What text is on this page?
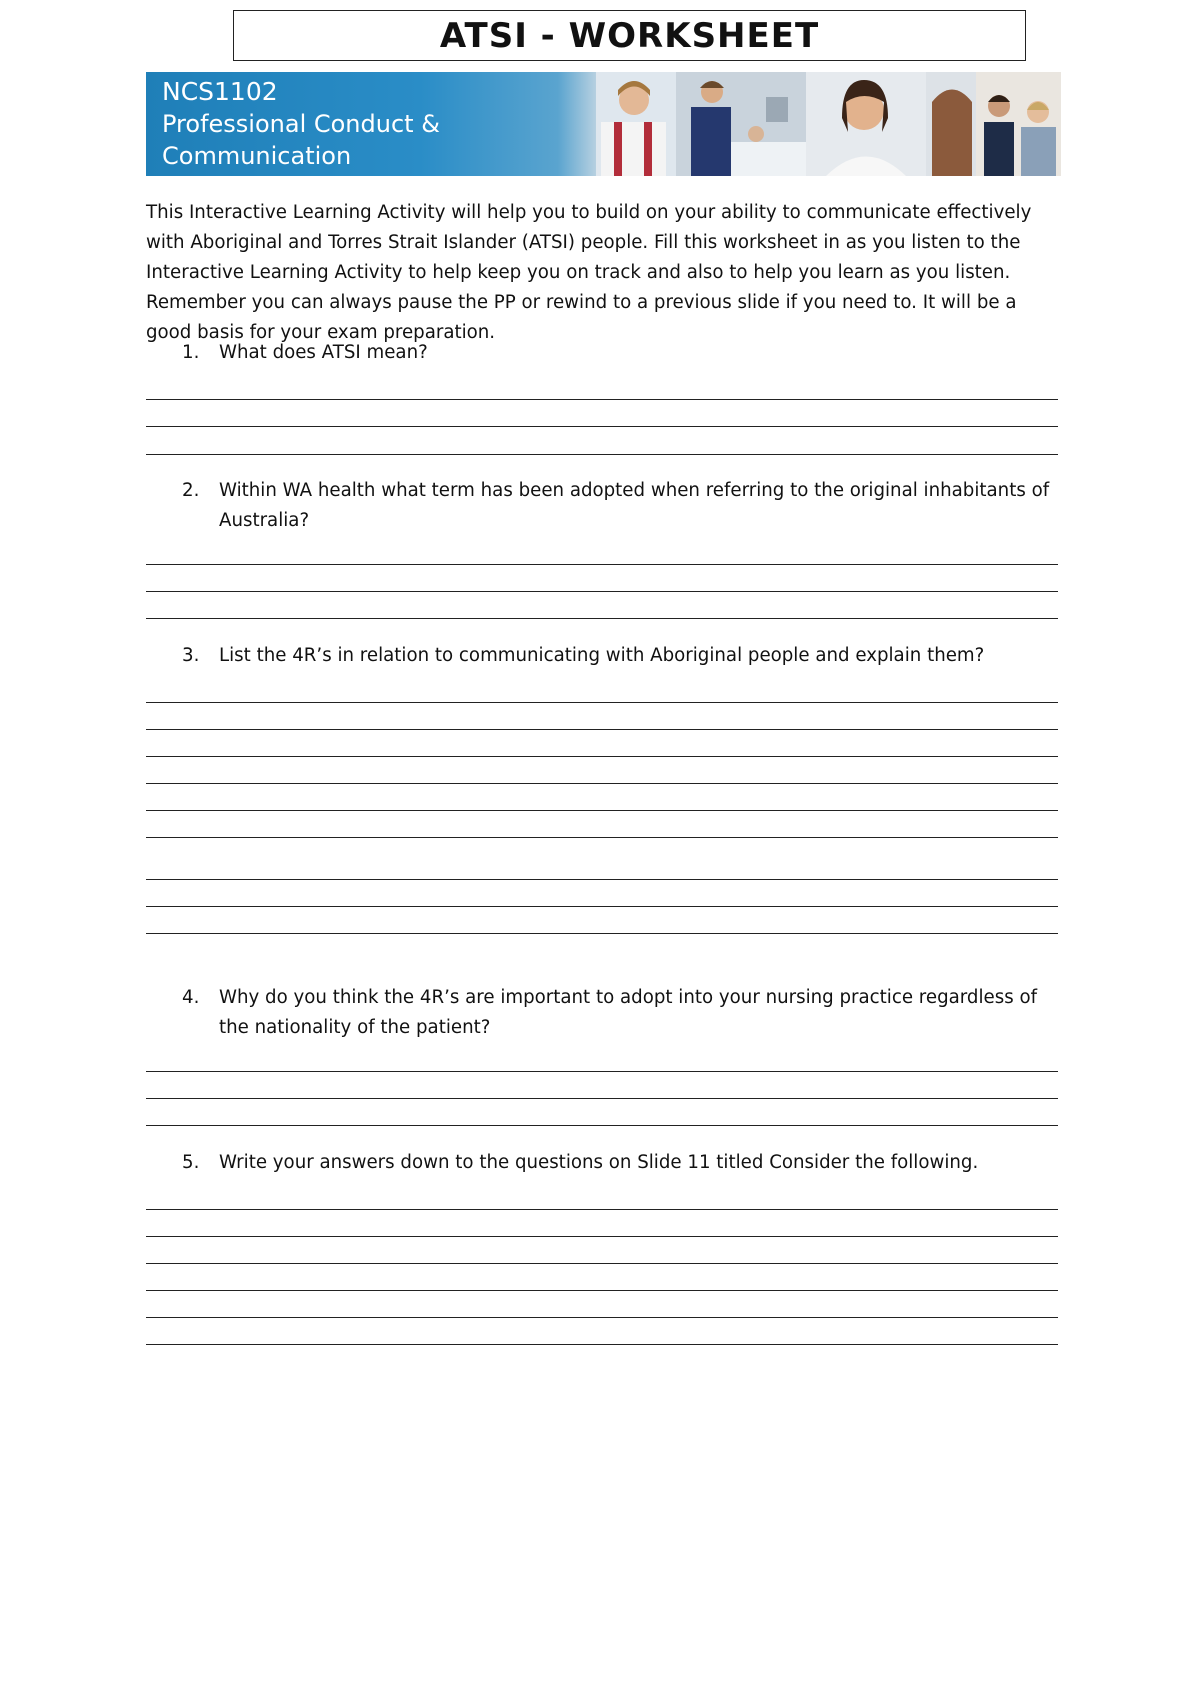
ATSI - WORKSHEET
NCS1102
Professional Conduct &
Communication

This Interactive Learning Activity will help you to build on your ability to communicate effectively with Aboriginal and Torres Strait Islander (ATSI) people. Fill this worksheet in as you listen to the Interactive Learning Activity to help keep you on track and also to help you learn as you listen. Remember you can always pause the PP or rewind to a previous slide if you need to. It will be a good basis for your exam preparation.

1.	What does ATSI mean?
2.	Within WA health what term has been adopted when referring to the original inhabitants of Australia?
3.	List the 4R’s in relation to communicating with Aboriginal people and explain them?
4.	Why do you think the 4R’s are important to adopt into your nursing practice regardless of the nationality of the patient?
5.	Write your answers down to the questions on Slide 11 titled Consider the following.
